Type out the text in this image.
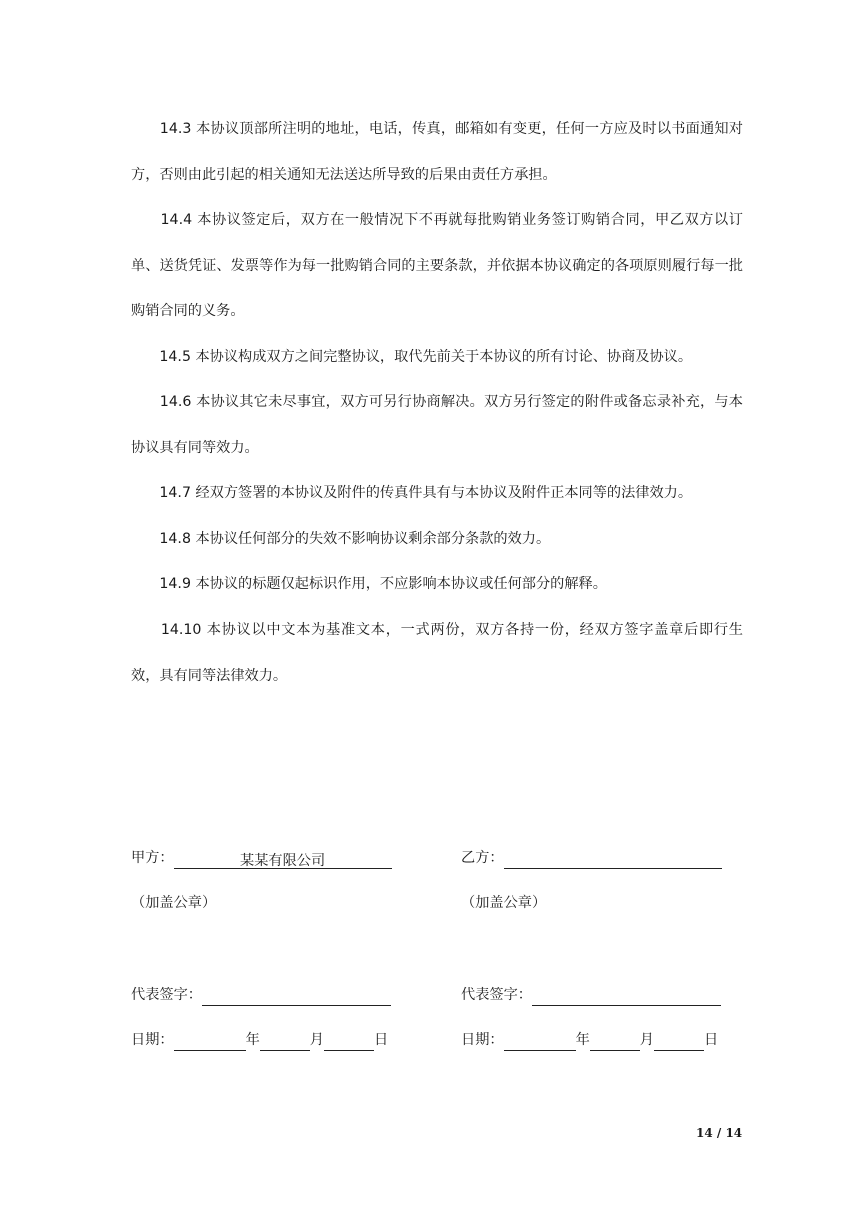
　　14.3 本协议顶部所注明的地址，电话，传真，邮箱如有变更，任何一方应及时以书面通知对方，否则由此引起的相关通知无法送达所导致的后果由责任方承担。

　　14.4 本协议签定后，双方在一般情况下不再就每批购销业务签订购销合同，甲乙双方以订单、送货凭证、发票等作为每一批购销合同的主要条款，并依据本协议确定的各项原则履行每一批购销合同的义务。

　　14.5 本协议构成双方之间完整协议，取代先前关于本协议的所有讨论、协商及协议。

　　14.6 本协议其它未尽事宜，双方可另行协商解决。双方另行签定的附件或备忘录补充，与本协议具有同等效力。

　　14.7 经双方签署的本协议及附件的传真件具有与本协议及附件正本同等的法律效力。

　　14.8 本协议任何部分的失效不影响协议剩余部分条款的效力。

　　14.9 本协议的标题仅起标识作用，不应影响本协议或任何部分的解释。

　　14.10 本协议以中文本为基准文本，一式两份，双方各持一份，经双方签字盖章后即行生效，具有同等法律效力。

甲方：	某某有限公司	乙方：
（加盖公章）	（加盖公章）
代表签字：	代表签字：
日期：	年	月	日	日期：	年	月	日
14 / 14
